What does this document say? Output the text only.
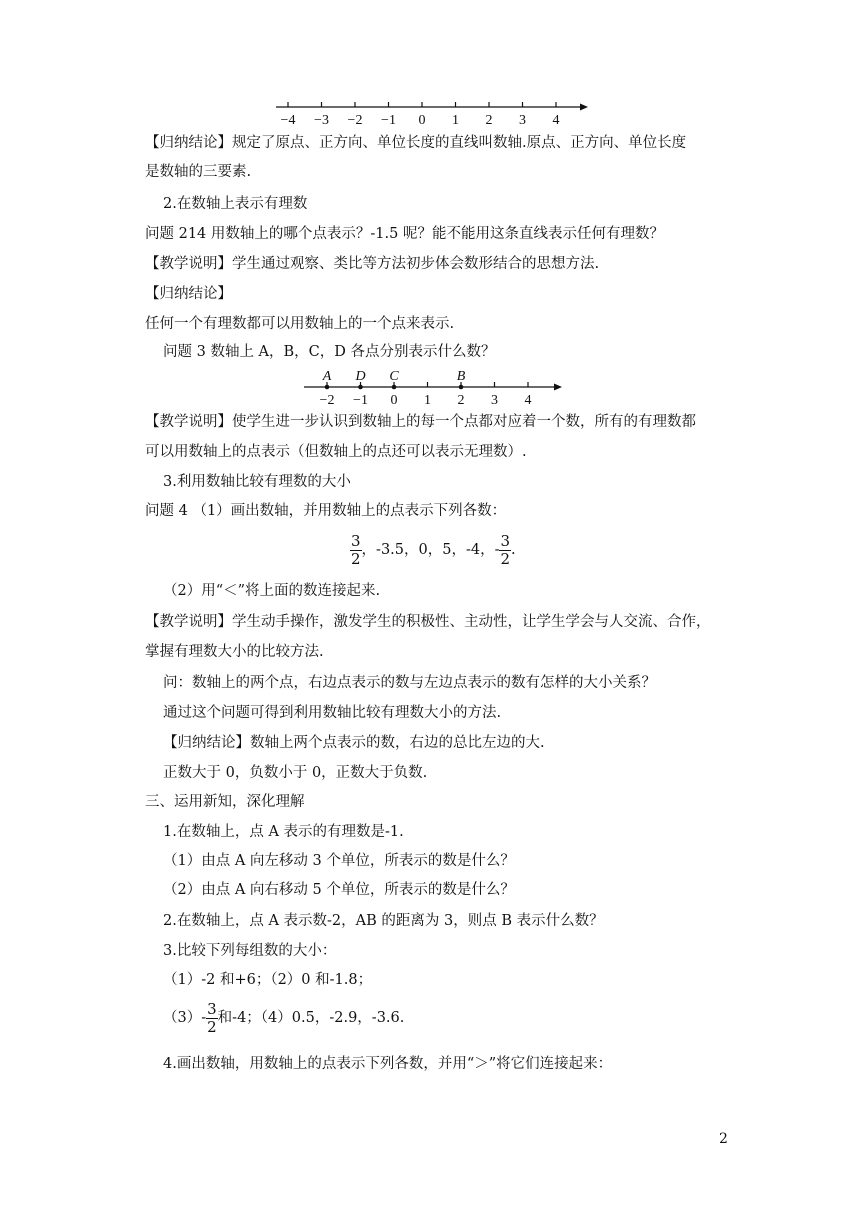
−4 −3 −2 −1 0 1 2 3 4
【归纳结论】规定了原点、正方向、单位长度的直线叫数轴.原点、正方向、单位长度
是数轴的三要素.
2.在数轴上表示有理数
问题 214 用数轴上的哪个点表示？-1.5 呢？能不能用这条直线表示任何有理数？
【教学说明】学生通过观察、类比等方法初步体会数形结合的思想方法.
【归纳结论】
任何一个有理数都可以用数轴上的一个点来表示.
问题 3 数轴上 A，B，C，D 各点分别表示什么数？
−2 −1 0 1 2 3 4
A D C	B
【教学说明】使学生进一步认识到数轴上的每一个点都对应着一个数，所有的有理数都
可以用数轴上的点表示（但数轴上的点还可以表示无理数）.
3.利用数轴比较有理数的大小
问题 4 （1）画出数轴，并用数轴上的点表示下列各数：
$\frac{3}{2}$ ，-3.5，0，5，-4，- $\frac{3}{2}$ .
（2）用“＜”将上面的数连接起来.
【教学说明】学生动手操作，激发学生的积极性、主动性，让学生学会与人交流、合作，
掌握有理数大小的比较方法.
问：数轴上的两个点，右边点表示的数与左边点表示的数有怎样的大小关系？
通过这个问题可得到利用数轴比较有理数大小的方法.
【归纳结论】数轴上两个点表示的数，右边的总比左边的大.
正数大于 0，负数小于 0，正数大于负数.
三、运用新知，深化理解
1.在数轴上，点 A 表示的有理数是-1.
（1）由点 A 向左移动 3 个单位，所表示的数是什么？
（2）由点 A 向右移动 5 个单位，所表示的数是什么？
2.在数轴上，点 A 表示数-2，AB 的距离为 3，则点 B 表示什么数？
3.比较下列每组数的大小：
（1）-2 和+6；（2）0 和-1.8；
$(3)- \frac{3}{2}$ 和-4；（4）0.5，-2.9，-3.6.
4.画出数轴，用数轴上的点表示下列各数，并用“＞”将它们连接起来：
2
